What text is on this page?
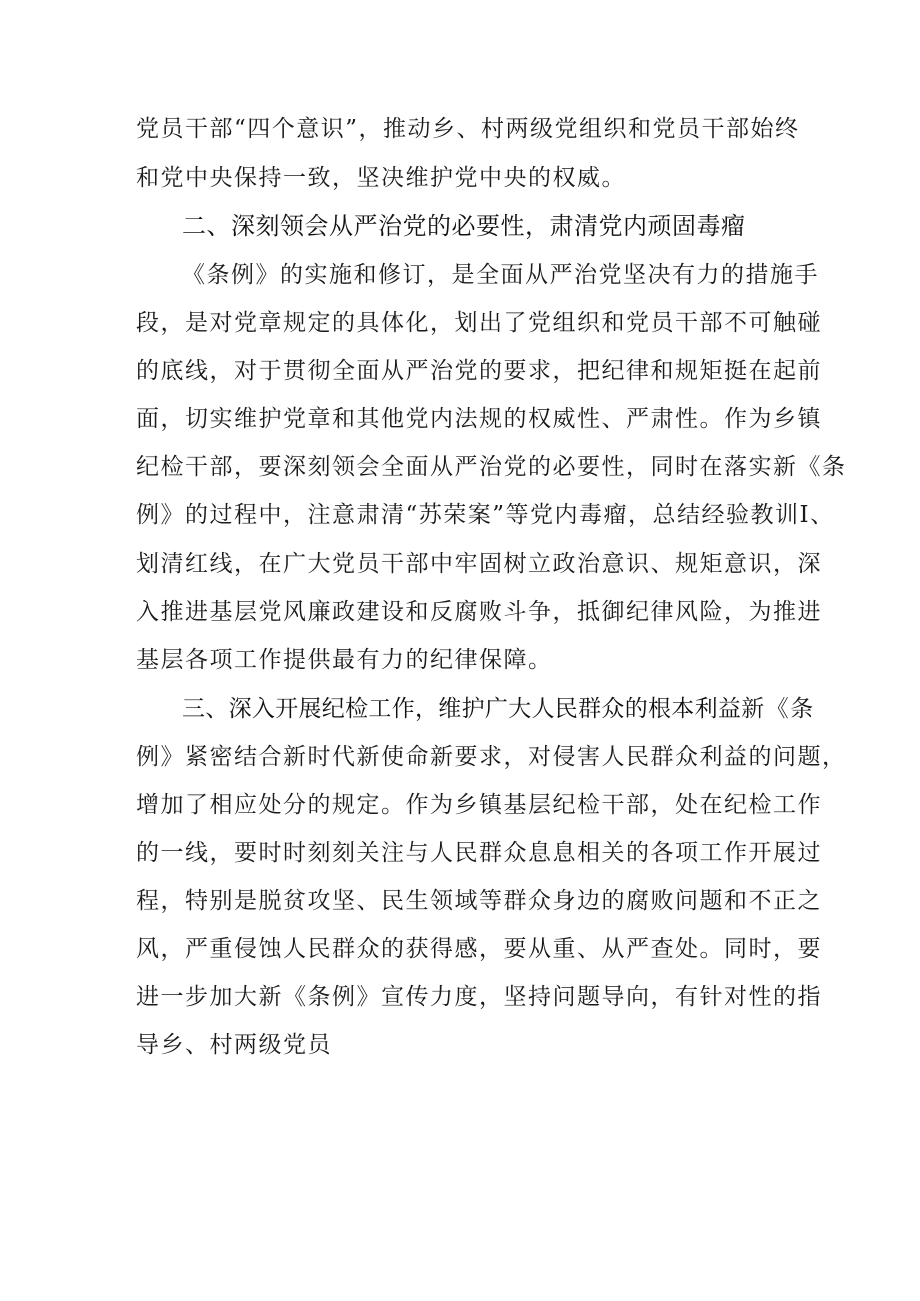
党员干部“四个意识”，推动乡、村两级党组织和党员干部始终
和党中央保持一致，坚决维护党中央的权威。
二、深刻领会从严治党的必要性，肃清党内顽固毒瘤
《条例》的实施和修订，是全面从严治党坚决有力的措施手
段，是对党章规定的具体化，划出了党组织和党员干部不可触碰
的底线，对于贯彻全面从严治党的要求，把纪律和规矩挺在起前
面，切实维护党章和其他党内法规的权威性、严肃性。作为乡镇
纪检干部，要深刻领会全面从严治党的必要性，同时在落实新《条
例》的过程中，注意肃清“苏荣案”等党内毒瘤，总结经验教训I、
划清红线，在广大党员干部中牢固树立政治意识、规矩意识，深
入推进基层党风廉政建设和反腐败斗争，抵御纪律风险，为推进
基层各项工作提供最有力的纪律保障。
三、深入开展纪检工作，维护广大人民群众的根本利益新《条
例》紧密结合新时代新使命新要求，对侵害人民群众利益的问题，
增加了相应处分的规定。作为乡镇基层纪检干部，处在纪检工作
的一线，要时时刻刻关注与人民群众息息相关的各项工作开展过
程，特别是脱贫攻坚、民生领域等群众身边的腐败问题和不正之
风，严重侵蚀人民群众的获得感，要从重、从严查处。同时，要
进一步加大新《条例》宣传力度，坚持问题导向，有针对性的指
导乡、村两级党员
